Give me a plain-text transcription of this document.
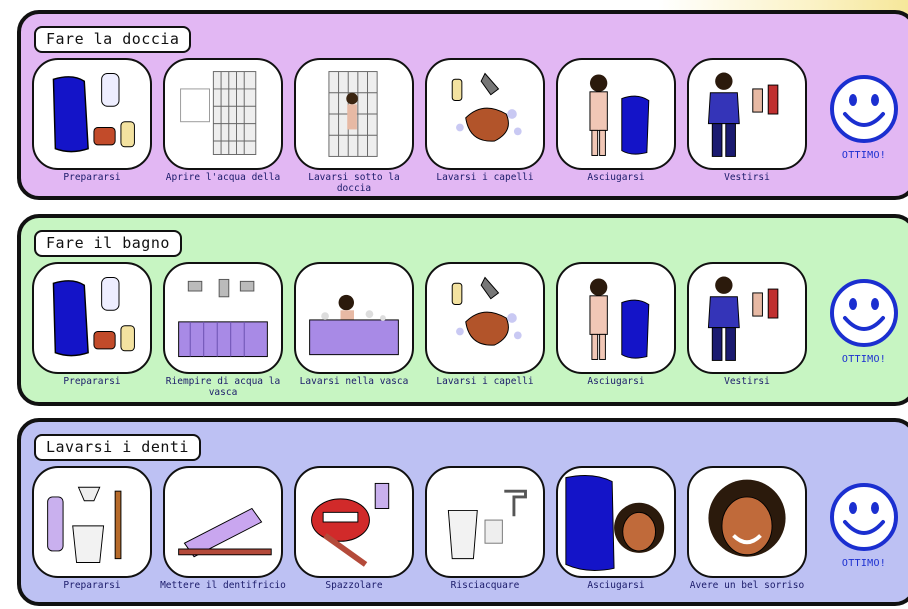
Fare la doccia
Prepararsi	Aprire l'acqua della	Lavarsi sotto la doccia
Lavarsi i capelli	Asciugarsi	Vestirsi
OTTIMO!
Fare il bagno
Prepararsi	Riempire di acqua la vasca
Lavarsi nella vasca	Lavarsi i capelli	Asciugarsi	Vestirsi
OTTIMO!
Lavarsi i denti
Prepararsi	Mettere il dentifricio	Spazzolare	Risciacquare	Asciugarsi	Avere un bel sorriso
OTTIMO!
